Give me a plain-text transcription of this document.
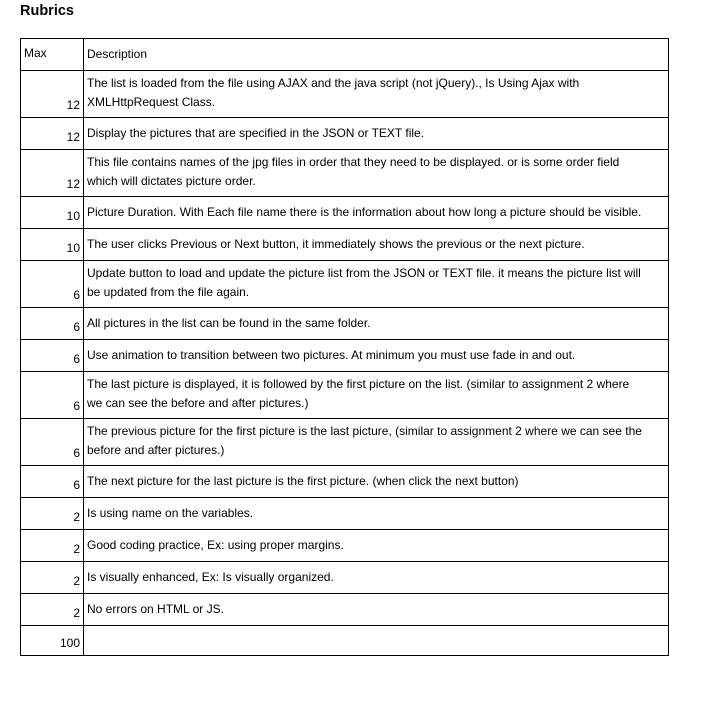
Rubrics
Max	Description
12	The list is loaded from the file using AJAX and the java script (not jQuery)., Is Using Ajax with
XMLHttpRequest Class.

12	Display the pictures that are specified in the JSON or TEXT file.

12	This file contains names of the jpg files in order that they need to be displayed. or is some order field
which will dictates picture order.

10	Picture Duration. With Each file name there is the information about how long a picture should be visible.

10	The user clicks Previous or Next button, it immediately shows the previous or the next picture.

6	Update button to load and update the picture list from the JSON or TEXT file. it means the picture list will
be updated from the file again.

6	All pictures in the list can be found in the same folder.

6	Use animation to transition between two pictures. At minimum you must use fade in and out.

6	The last picture is displayed, it is followed by the first picture on the list. (similar to assignment 2 where
we can see the before and after pictures.)

6	The previous picture for the first picture is the last picture, (similar to assignment 2 where we can see the
before and after pictures.)

6	The next picture for the last picture is the first picture. (when click the next button)

2	Is using name on the variables.

2	Good coding practice, Ex: using proper margins.

2	Is visually enhanced, Ex: Is visually organized.

2	No errors on HTML or JS.

100	
